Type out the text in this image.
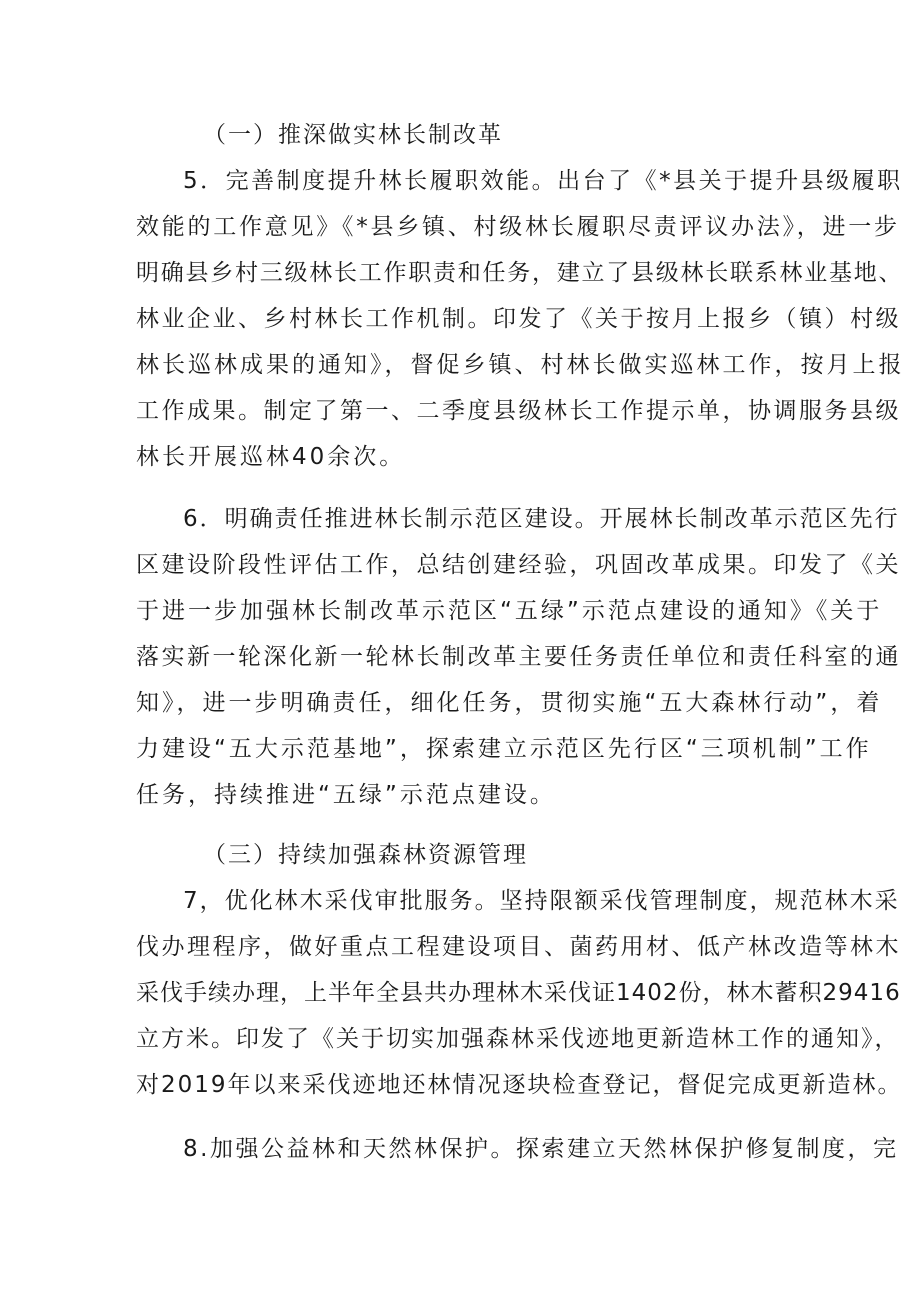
（一）推深做实林长制改革
5．完善制度提升林长履职效能。出台了《*县关于提升县级履职
效能的工作意见》《*县乡镇、村级林长履职尽责评议办法》，进一步
明确县乡村三级林长工作职责和任务，建立了县级林长联系林业基地、
林业企业、乡村林长工作机制。印发了《关于按月上报乡（镇）村级
林长巡林成果的通知》，督促乡镇、村林长做实巡林工作，按月上报
工作成果。制定了第一、二季度县级林长工作提示单，协调服务县级
林长开展巡林40余次。
6．明确责任推进林长制示范区建设。开展林长制改革示范区先行
区建设阶段性评估工作，总结创建经验，巩固改革成果。印发了《关
于进一步加强林长制改革示范区“五绿”示范点建设的通知》《关于
落实新一轮深化新一轮林长制改革主要任务责任单位和责任科室的通
知》，进一步明确责任，细化任务，贯彻实施“五大森林行动”，着
力建设“五大示范基地”，探索建立示范区先行区“三项机制”工作
任务，持续推进“五绿”示范点建设。
（三）持续加强森林资源管理
7，优化林木采伐审批服务。坚持限额采伐管理制度，规范林木采
伐办理程序，做好重点工程建设项目、菌药用材、低产林改造等林木
采伐手续办理，上半年全县共办理林木采伐证1402份，林木蓄积29416
立方米。印发了《关于切实加强森林采伐迹地更新造林工作的通知》，
对2019年以来采伐迹地还林情况逐块检查登记，督促完成更新造林。
8.加强公益林和天然林保护。探索建立天然林保护修复制度，完
